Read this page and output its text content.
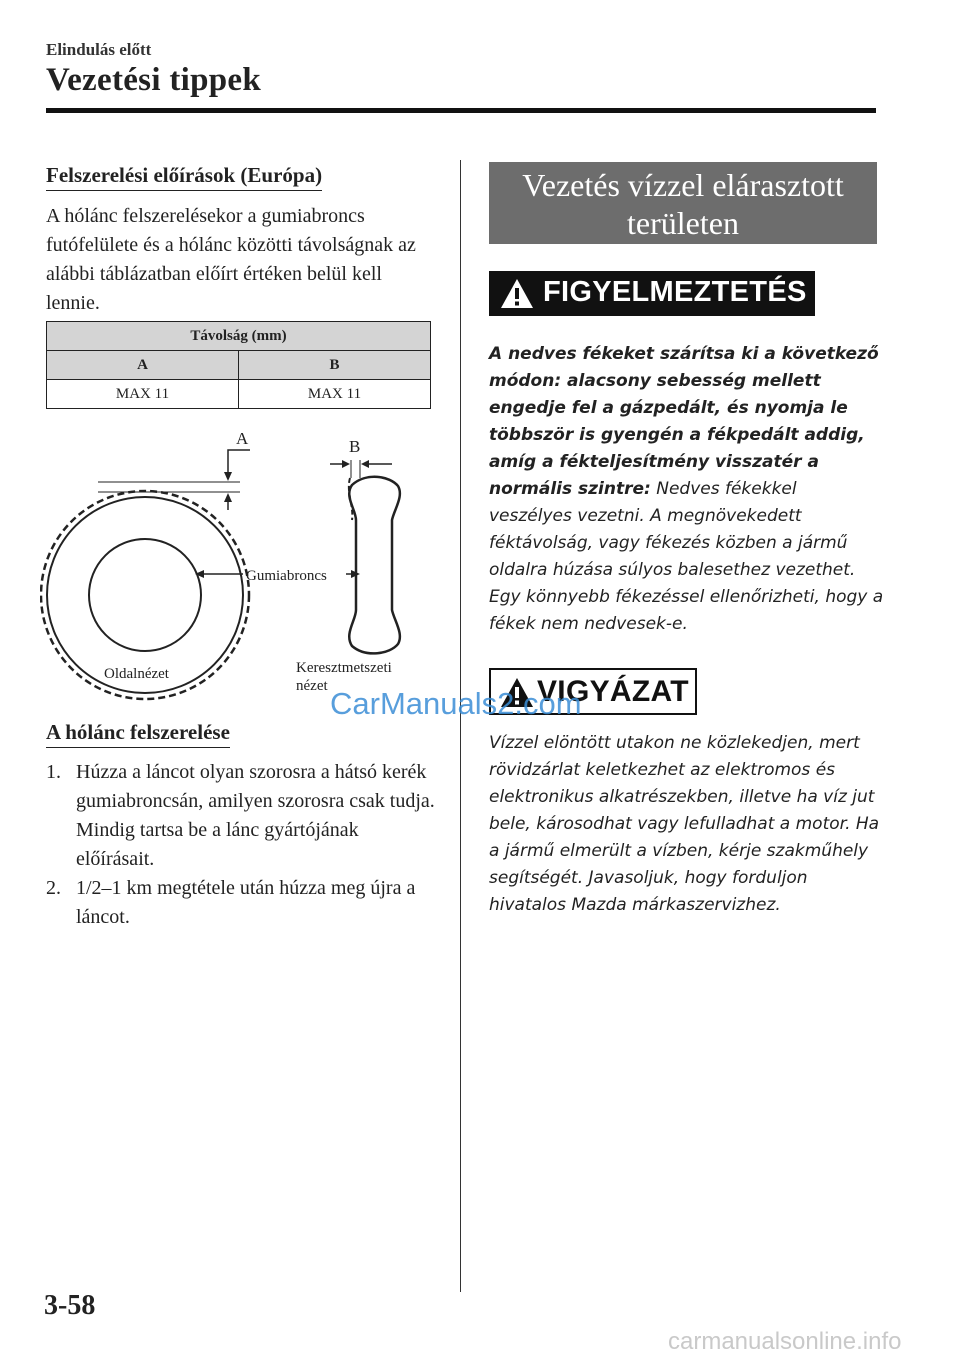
Elindulás előtt
Vezetési tippek
Felszerelési előírások (Európa)
A hólánc felszerelésekor a gumiabroncs futófelülete és a hólánc közötti távolságnak az alábbi táblázatban előírt értéken belül kell lennie.
Távolság (mm)	
A	B
MAX 11	MAX 11
A	B
Gumiabroncs
Oldalnézet	Keresztmetszeti
nézet
A hólánc felszerelése
1. Húzza a láncot olyan szorosra a hátsó kerék gumiabroncsán, amilyen szorosra csak tudja. Mindig tartsa be a lánc gyártójának előírásait.
2. 1/2–1 km megtétele után húzza meg újra a láncot.
Vezetés vízzel elárasztott
területen
FIGYELMEZTETÉS
A nedves fékeket szárítsa ki a következő módon: alacsony sebesség mellett engedje fel a gázpedált, és nyomja le többször is gyengén a fékpedált addig, amíg a fékteljesítmény visszatér a normális szintre: Nedves fékekkel veszélyes vezetni. A megnövekedett féktávolság, vagy fékezés közben a jármű oldalra húzása súlyos balesethez vezethet. Egy könnyebb fékezéssel ellenőrizheti, hogy a fékek nem nedvesek-e.
VIGYÁZAT
Vízzel elöntött utakon ne közlekedjen, mert rövidzárlat keletkezhet az elektromos és elektronikus alkatrészekben, illetve ha víz jut bele, károsodhat vagy lefulladhat a motor. Ha a jármű elmerült a vízben, kérje szakműhely segítségét. Javasoljuk, hogy forduljon hivatalos Mazda márkaszervizhez.
3-58
CarManuals2.com
carmanualsonline.info
